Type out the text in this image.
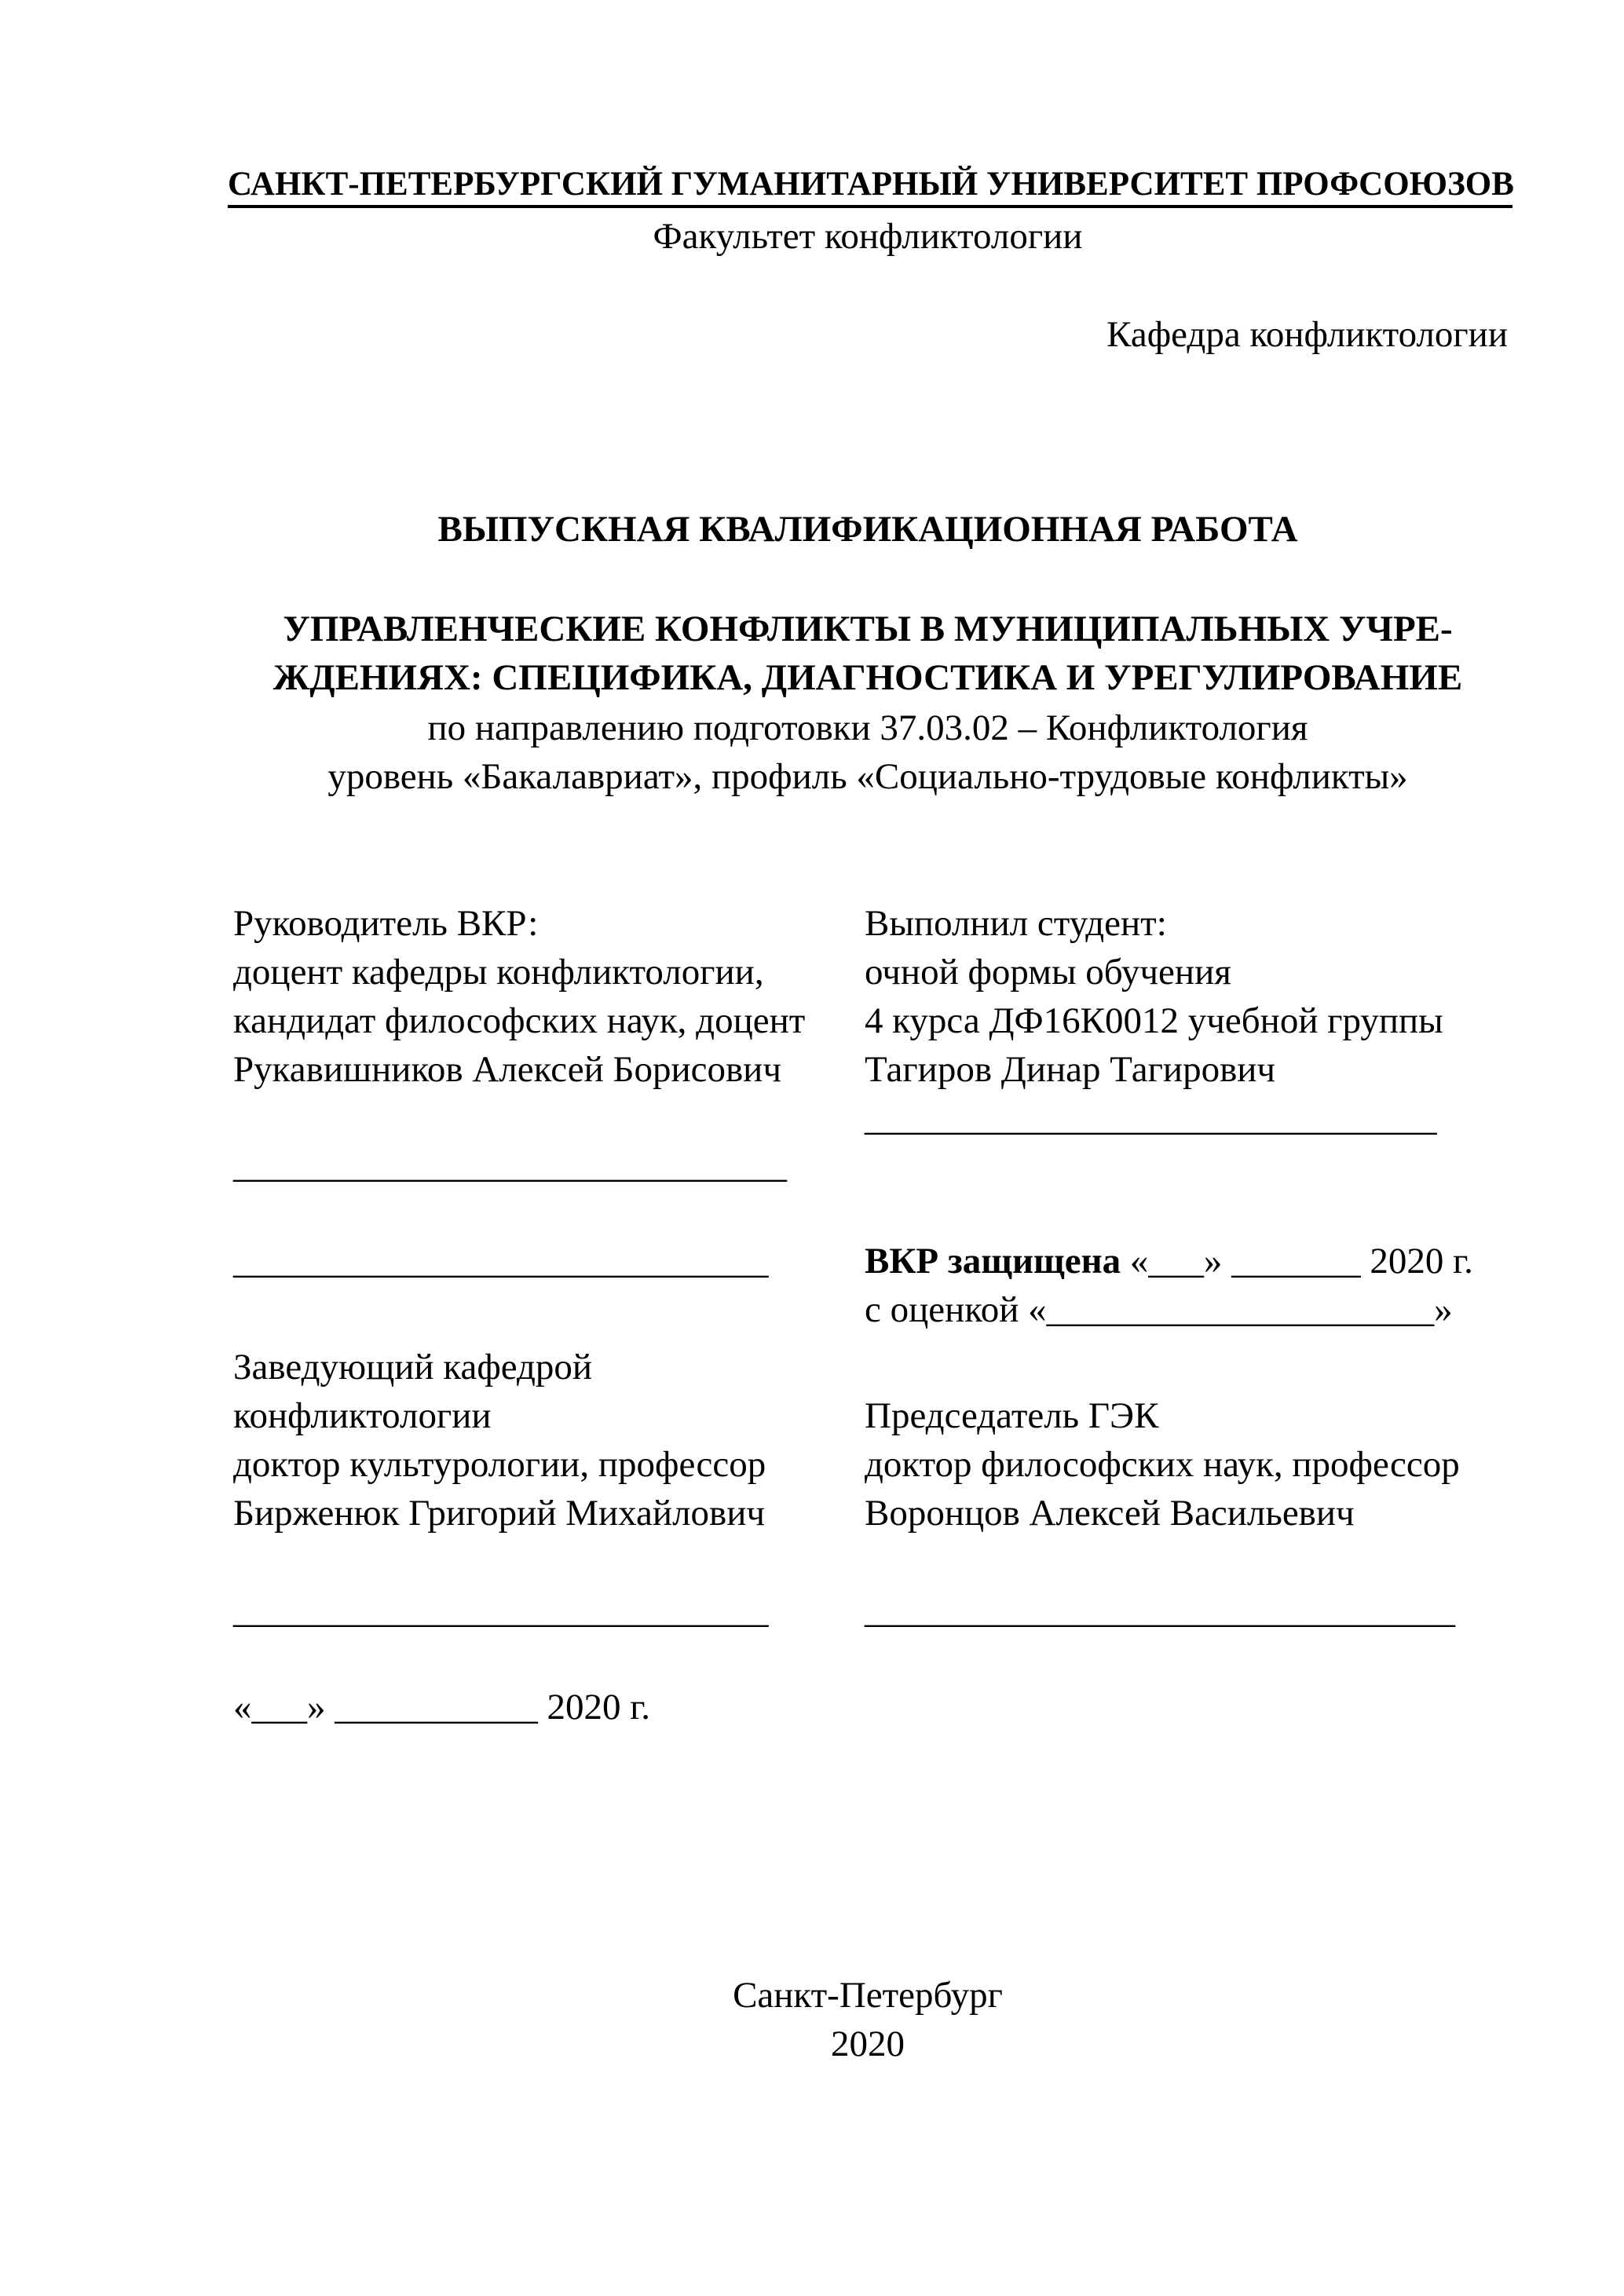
САНКТ-ПЕТЕРБУРГСКИЙ ГУМАНИТАРНЫЙ УНИВЕРСИТЕТ ПРОФСОЮЗОВ
Факультет конфликтологии
Кафедра конфликтологии
ВЫПУСКНАЯ КВАЛИФИКАЦИОННАЯ РАБОТА
УПРАВЛЕНЧЕСКИЕ КОНФЛИКТЫ В МУНИЦИПАЛЬНЫХ УЧРЕ-
ЖДЕНИЯХ: СПЕЦИФИКА, ДИАГНОСТИКА И УРЕГУЛИРОВАНИЕ
по направлению подготовки 37.03.02 – Конфликтология
уровень «Бакалавриат», профиль «Социально-трудовые конфликты»
Руководитель ВКР:
доцент кафедры конфликтологии,
кандидат философских наук, доцент
Рукавишников Алексей Борисович
______________________________
_____________________________
Выполнил студент:
очной формы обучения
4 курса ДФ16К0012 учебной группы
Тагиров Динар Тагирович
_______________________________
ВКР защищена «___» _______ 2020 г.
с оценкой «_____________________»
Заведующий кафедрой
конфликтологии
доктор культурологии, профессор
Бирженюк Григорий Михайлович
_____________________________
«___» ___________ 2020 г.
Председатель ГЭК
доктор философских наук, профессор
Воронцов Алексей Васильевич
________________________________
Санкт-Петербург
2020
